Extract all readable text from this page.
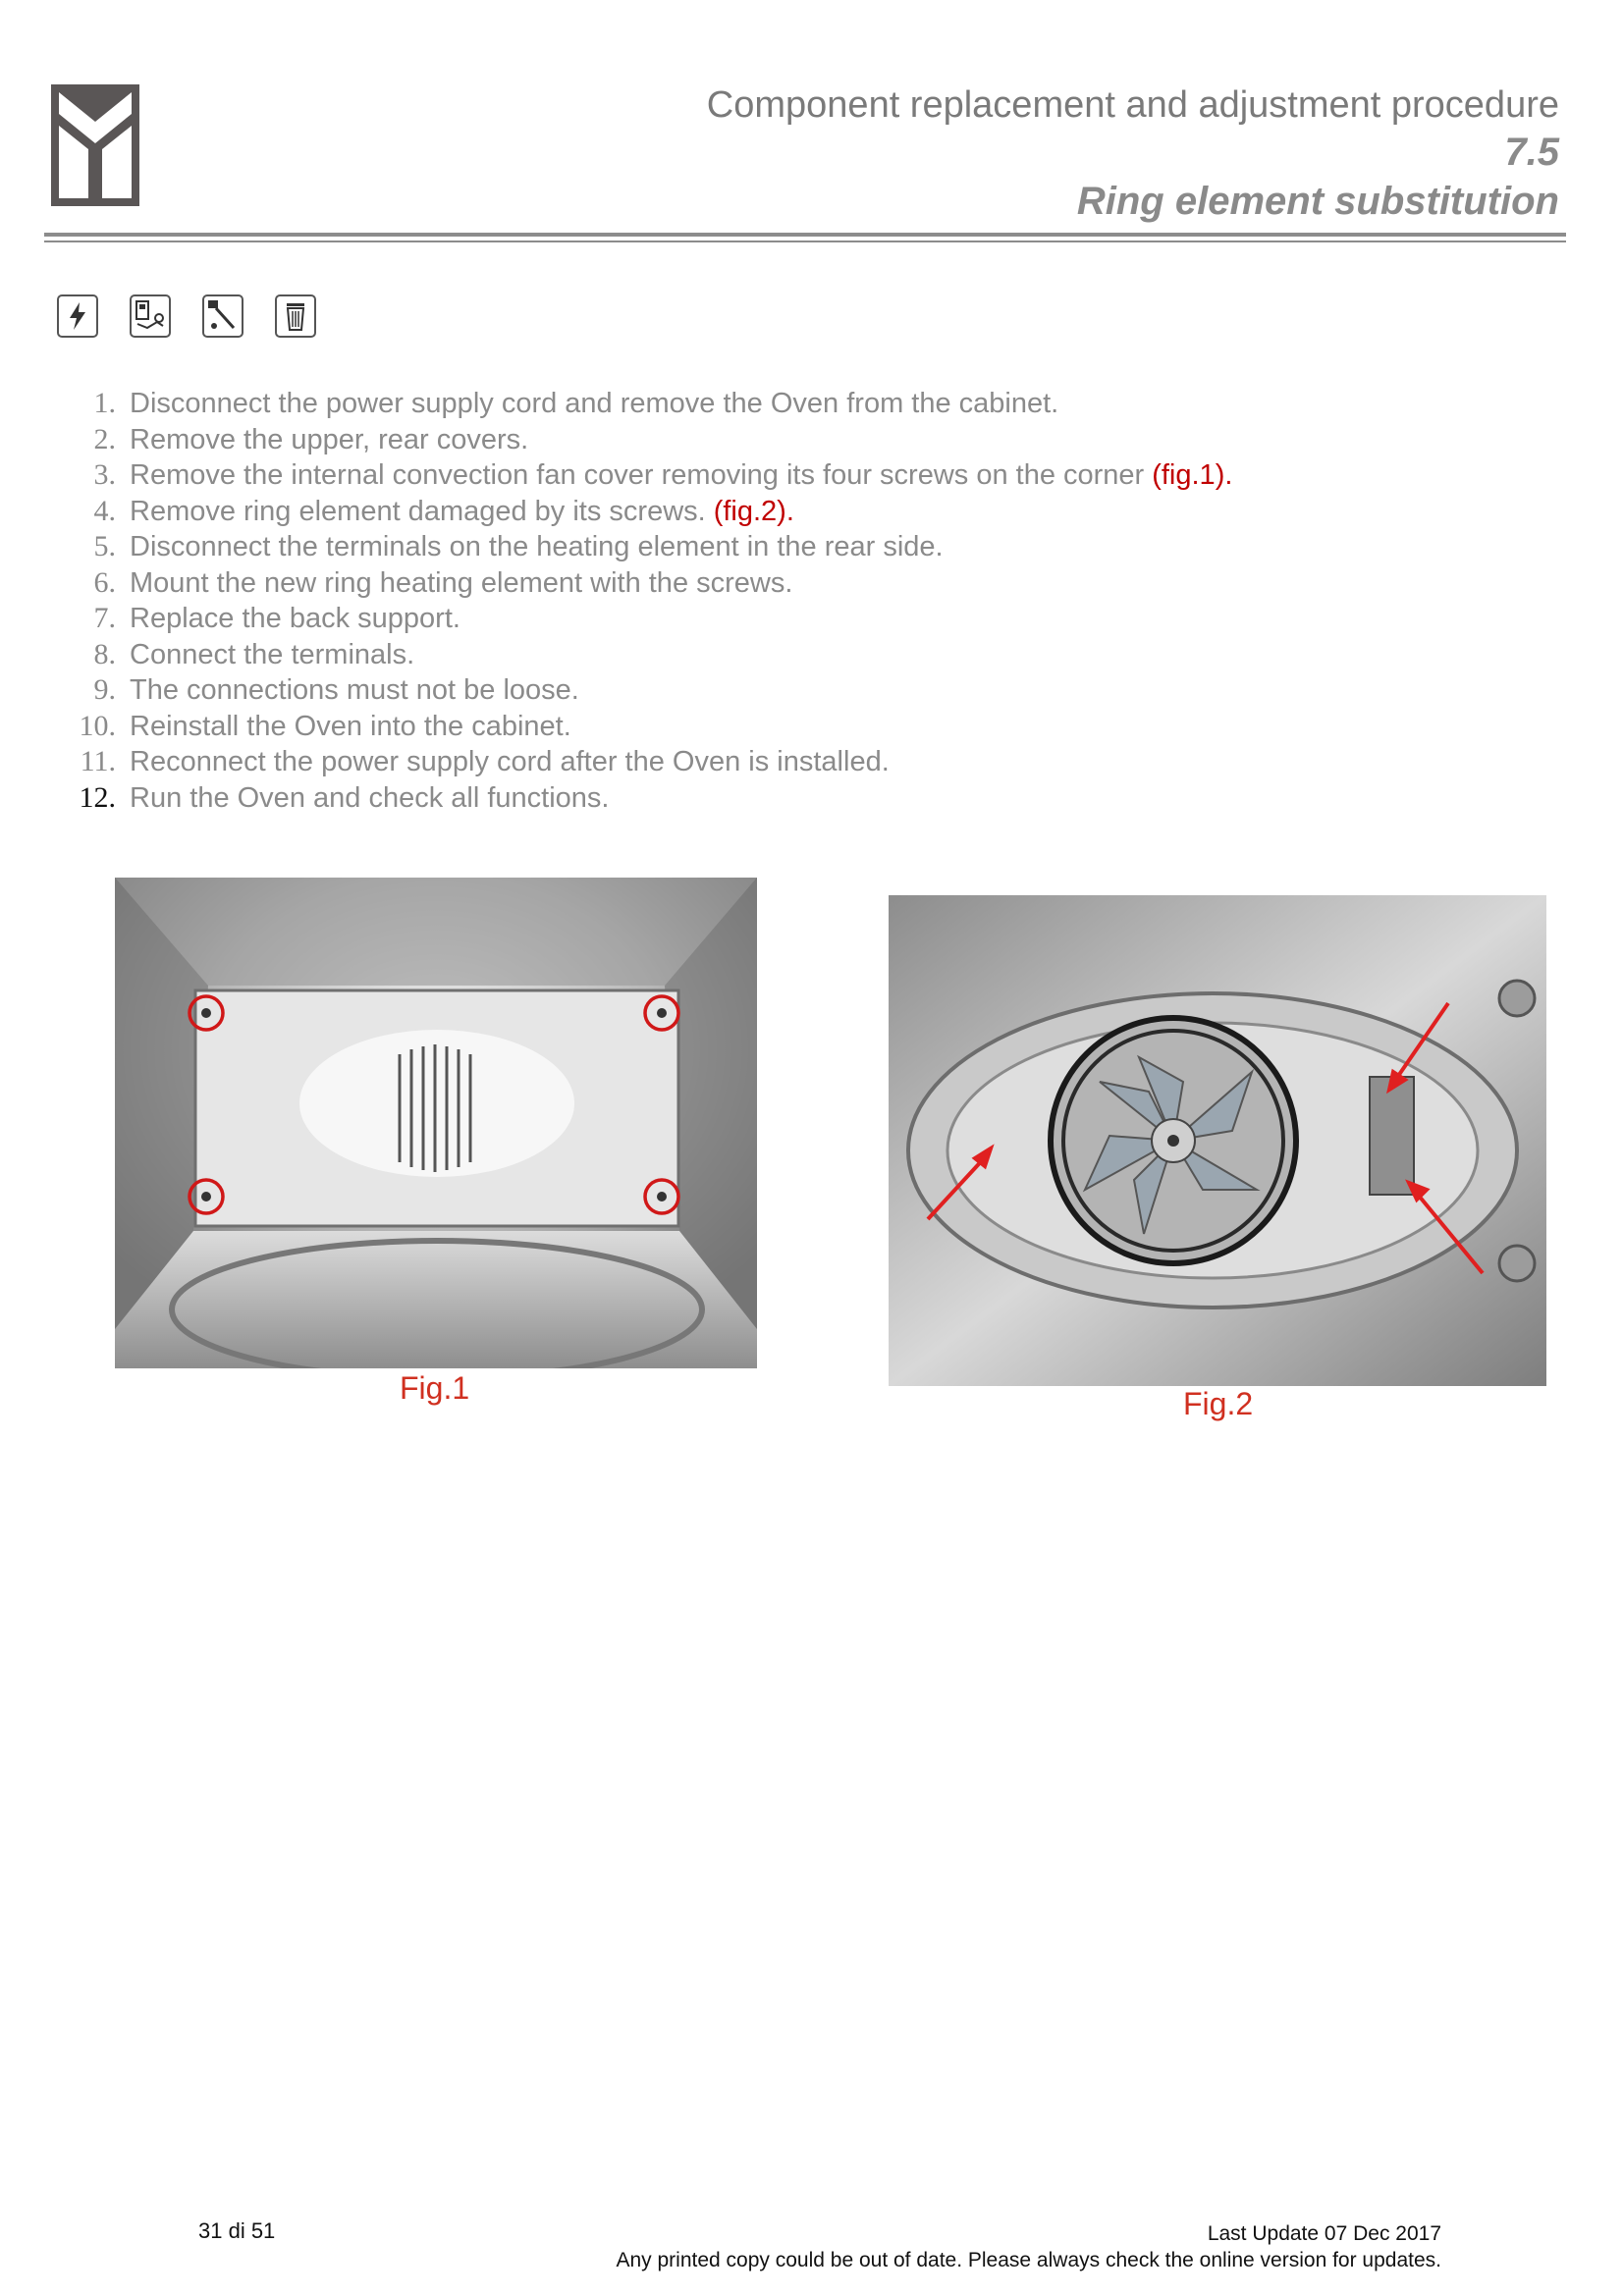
Component replacement and adjustment procedure
7.5
Ring element substitution
1. Disconnect the power supply cord and remove the Oven from the cabinet.
2. Remove the upper, rear covers.
3. Remove the internal convection fan cover removing its four screws on the corner (fig.1).
4. Remove ring element damaged by its screws. (fig.2).
5. Disconnect the terminals on the heating element in the rear side.
6. Mount the new ring heating element with the screws.
7. Replace the back support.
8. Connect the terminals.
9. The connections must not be loose.
10. Reinstall the Oven into the cabinet.
11. Reconnect the power supply cord after the Oven is installed.
12. Run the Oven and check all functions.
Fig.1	Fig.2
31 di 51	Last Update 07 Dec 2017
Any printed copy could be out of date. Please always check the online version for updates.
